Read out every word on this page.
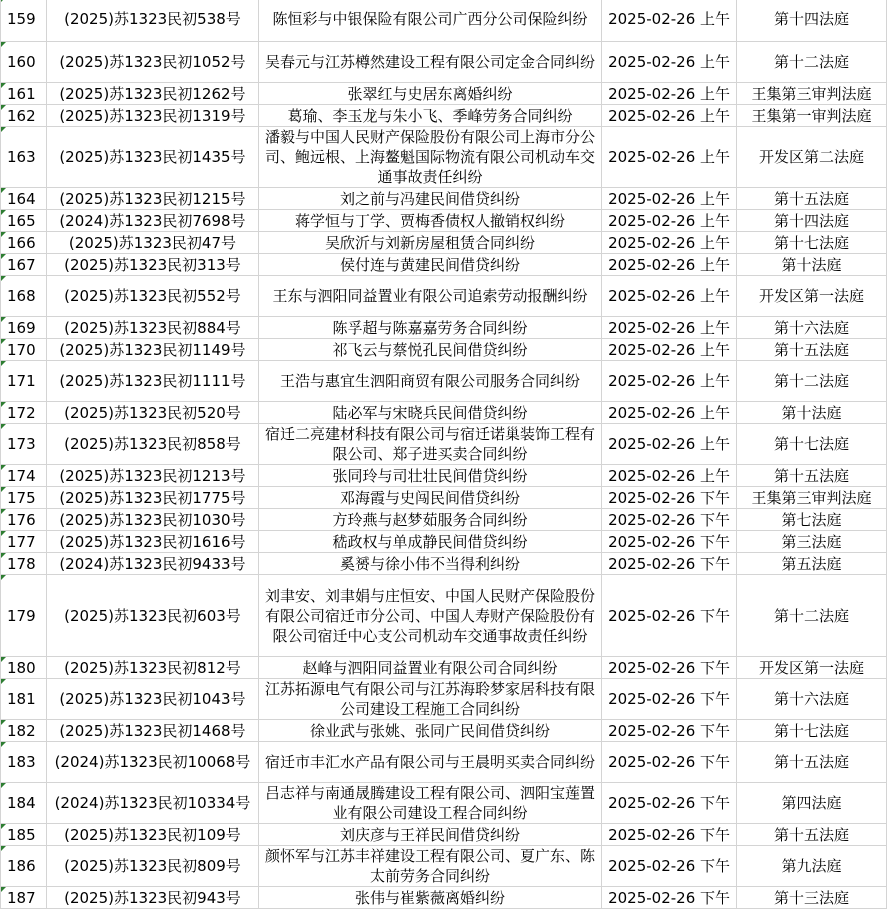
159	(2025)苏1323民初538号	陈恒彩与中银保险有限公司广西分公司保险纠纷	2025-02-26 上午	第十四法庭
160	(2025)苏1323民初1052号	吴春元与江苏樽然建设工程有限公司定金合同纠纷	2025-02-26 上午	第十二法庭
161	(2025)苏1323民初1262号	张翠红与史居东离婚纠纷	2025-02-26 上午	王集第三审判法庭
162	(2025)苏1323民初1319号	葛瑜、李玉龙与朱小飞、季峰劳务合同纠纷	2025-02-26 上午	王集第一审判法庭
163	(2025)苏1323民初1435号	潘毅与中国人民财产保险股份有限公司上海市分公司、鲍远根、上海鳌魁国际物流有限公司机动车交通事故责任纠纷	2025-02-26 上午	开发区第二法庭
164	(2025)苏1323民初1215号	刘之前与冯建民间借贷纠纷	2025-02-26 上午	第十五法庭
165	(2024)苏1323民初7698号	蒋学恒与丁学、贾梅香债权人撤销权纠纷	2025-02-26 上午	第十四法庭
166	(2025)苏1323民初47号	吴欣沂与刘新房屋租赁合同纠纷	2025-02-26 上午	第十七法庭
167	(2025)苏1323民初313号	侯付连与黄建民间借贷纠纷	2025-02-26 上午	第十法庭
168	(2025)苏1323民初552号	王东与泗阳同益置业有限公司追索劳动报酬纠纷	2025-02-26 上午	开发区第一法庭
169	(2025)苏1323民初884号	陈孚超与陈嘉嘉劳务合同纠纷	2025-02-26 上午	第十六法庭
170	(2025)苏1323民初1149号	祁飞云与蔡悦孔民间借贷纠纷	2025-02-26 上午	第十五法庭
171	(2025)苏1323民初1111号	王浩与惠宜生泗阳商贸有限公司服务合同纠纷	2025-02-26 上午	第十二法庭
172	(2025)苏1323民初520号	陆必军与宋晓兵民间借贷纠纷	2025-02-26 上午	第十法庭
173	(2025)苏1323民初858号	宿迁二亮建材科技有限公司与宿迁诺巢装饰工程有限公司、郑子进买卖合同纠纷	2025-02-26 上午	第十七法庭
174	(2025)苏1323民初1213号	张同玲与司壮壮民间借贷纠纷	2025-02-26 上午	第十五法庭
175	(2025)苏1323民初1775号	邓海霞与史闯民间借贷纠纷	2025-02-26 下午	王集第三审判法庭
176	(2025)苏1323民初1030号	方玲燕与赵梦茹服务合同纠纷	2025-02-26 下午	第七法庭
177	(2025)苏1323民初1616号	嵇政权与单成静民间借贷纠纷	2025-02-26 下午	第三法庭
178	(2024)苏1323民初9433号	奚赟与徐小伟不当得利纠纷	2025-02-26 下午	第五法庭
179	(2025)苏1323民初603号	刘聿安、刘聿娟与庄恒安、中国人民财产保险股份有限公司宿迁市分公司、中国人寿财产保险股份有限公司宿迁中心支公司机动车交通事故责任纠纷	2025-02-26 下午	第十二法庭
180	(2025)苏1323民初812号	赵峰与泗阳同益置业有限公司合同纠纷	2025-02-26 下午	开发区第一法庭
181	(2025)苏1323民初1043号	江苏拓源电气有限公司与江苏海聆梦家居科技有限公司建设工程施工合同纠纷	2025-02-26 下午	第十六法庭
182	(2025)苏1323民初1468号	徐业武与张姚、张同广民间借贷纠纷	2025-02-26 下午	第十七法庭
183	(2024)苏1323民初10068号	宿迁市丰汇水产品有限公司与王晨明买卖合同纠纷	2025-02-26 下午	第十五法庭
184	(2024)苏1323民初10334号	吕志祥与南通晟腾建设工程有限公司、泗阳宝莲置业有限公司建设工程合同纠纷	2025-02-26 下午	第四法庭
185	(2025)苏1323民初109号	刘庆彦与王祥民间借贷纠纷	2025-02-26 下午	第十五法庭
186	(2025)苏1323民初809号	颜怀军与江苏丰祥建设工程有限公司、夏广东、陈太前劳务合同纠纷	2025-02-26 下午	第九法庭
187	(2025)苏1323民初943号	张伟与崔紫薇离婚纠纷	2025-02-26 下午	第十三法庭
